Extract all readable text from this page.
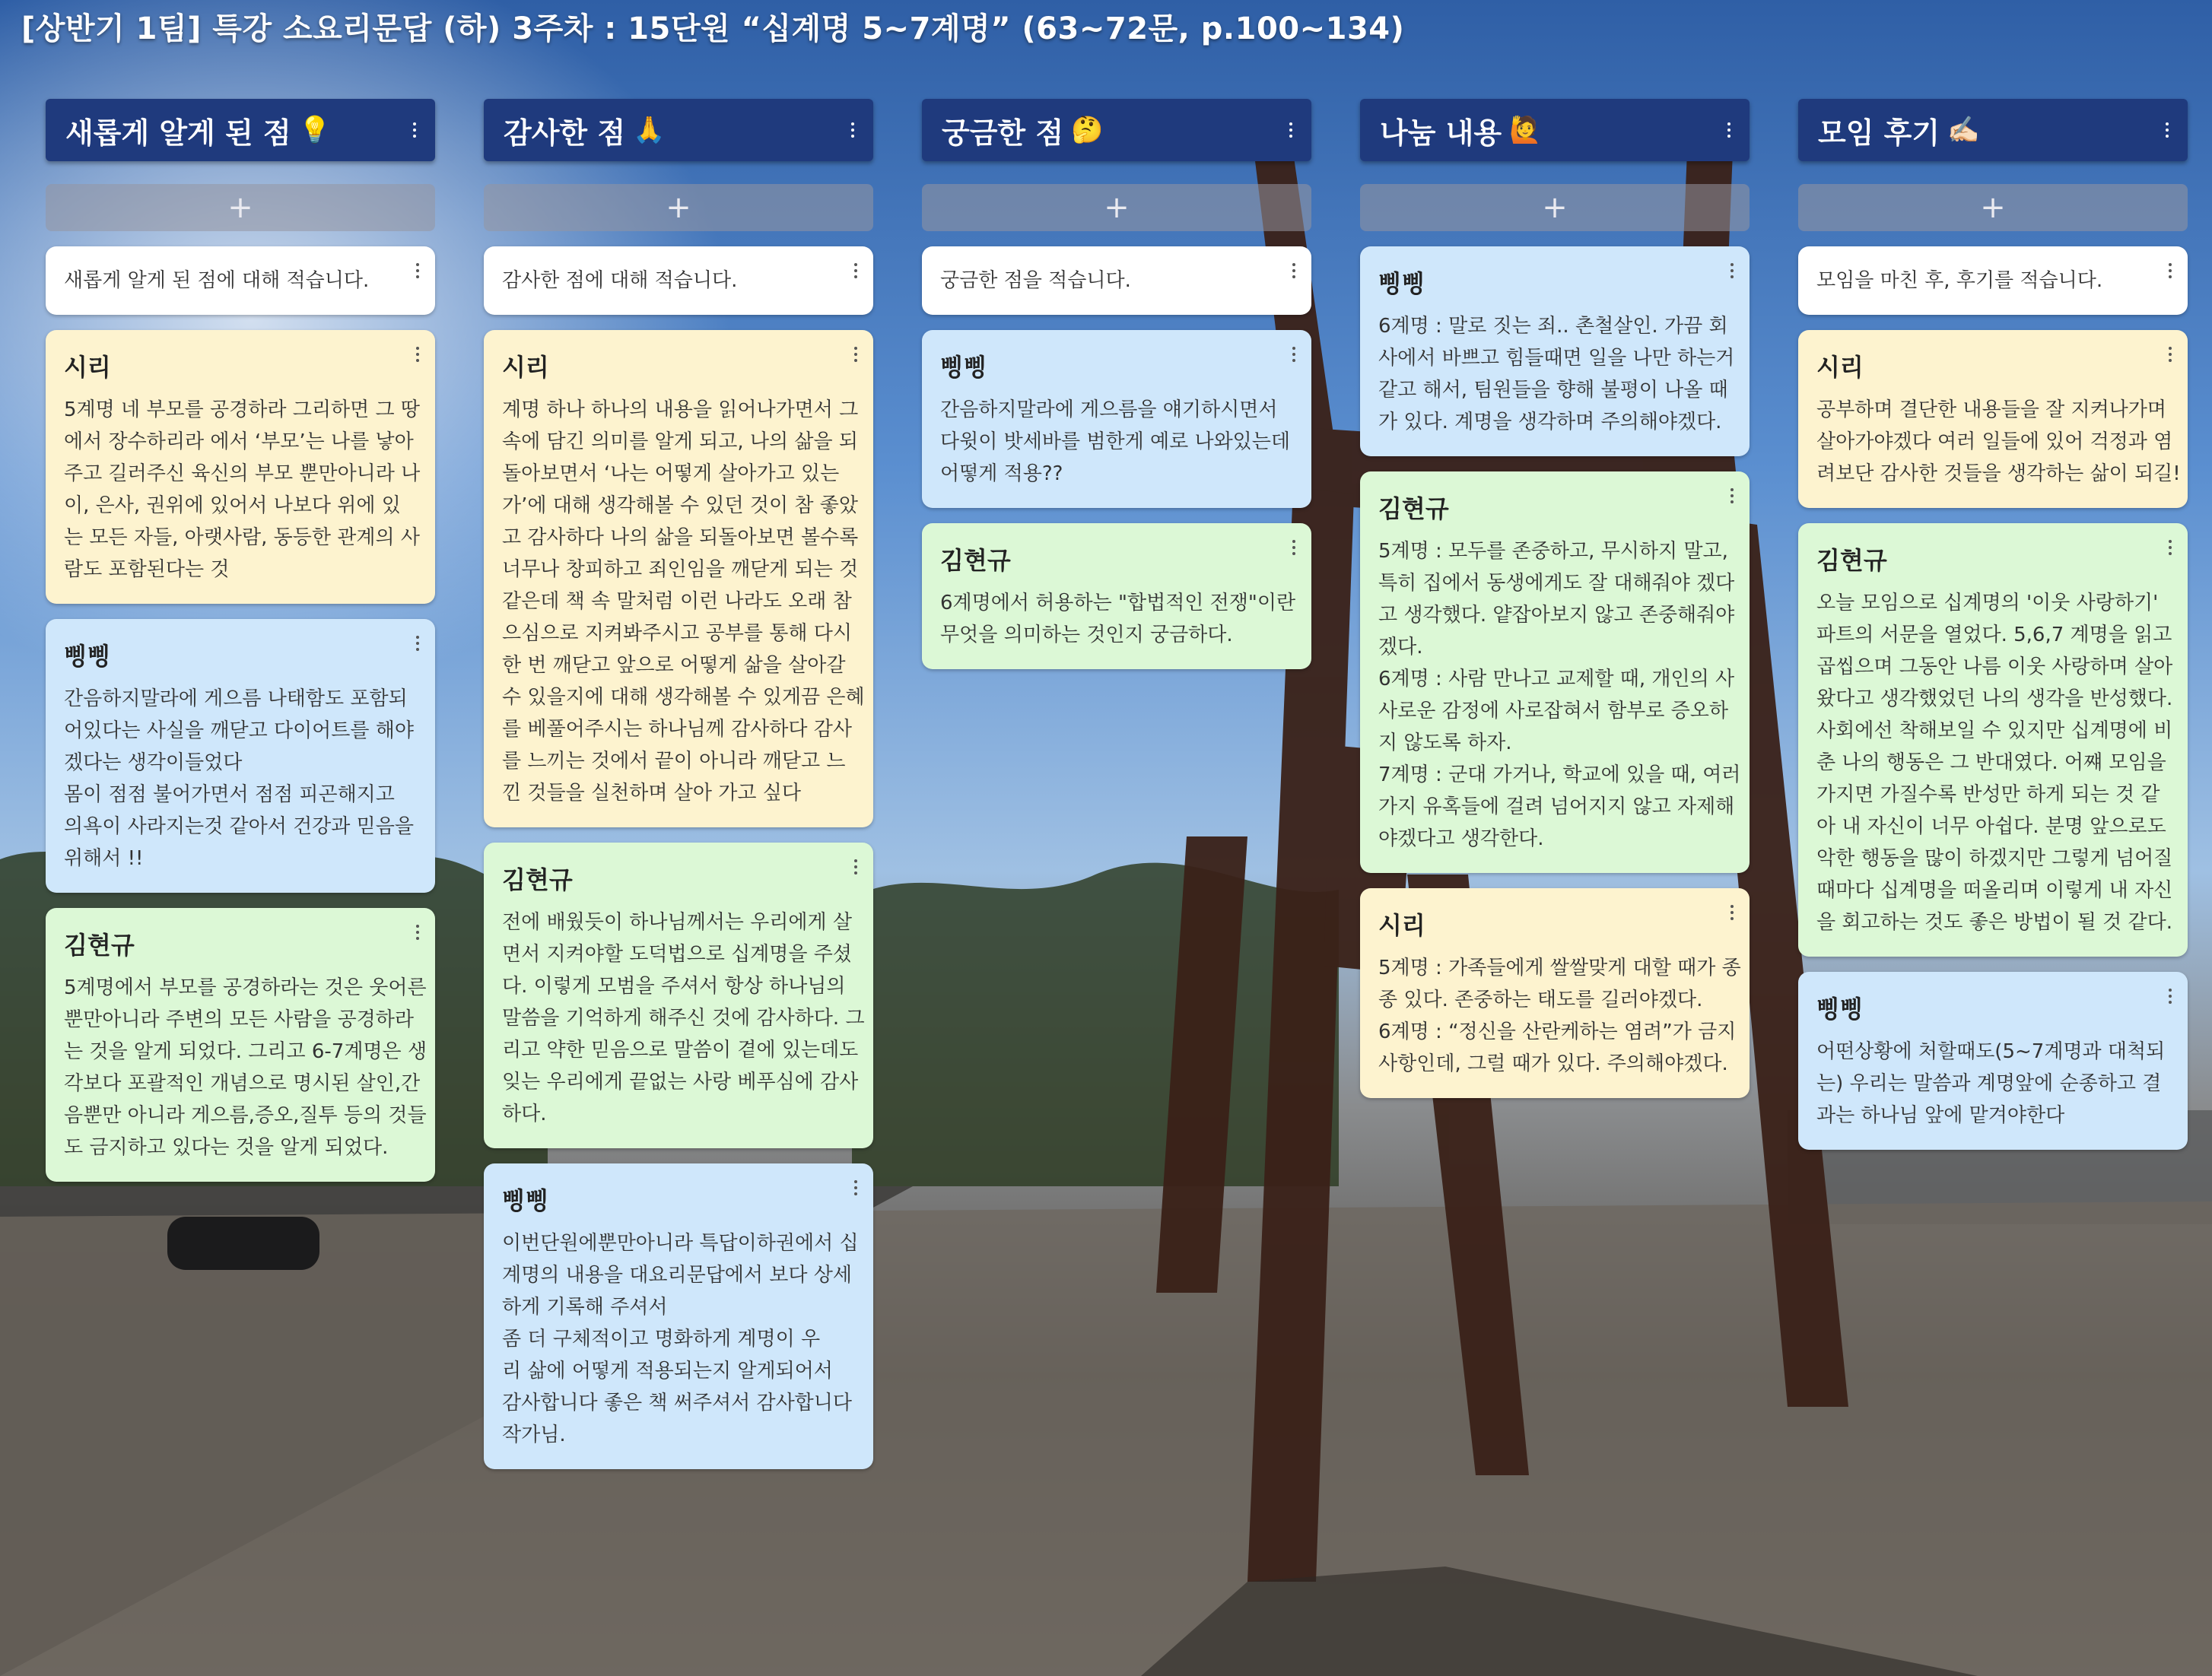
[상반기 1팀] 특강 소요리문답 (하) 3주차 : 15단원 “십계명 5~7계명” (63~72문, p.100~134)
새롭게 알게 된 점 💡
+
새롭게 알게 된 점에 대해 적습니다.
시리
5계명 네 부모를 공경하라 그리하면 그 땅
에서 장수하리라 에서 ‘부모’는 나를 낳아
주고 길러주신 육신의 부모 뿐만아니라 나
이, 은사, 권위에 있어서 나보다 위에 있
는 모든 자들, 아랫사람, 동등한 관계의 사
람도 포함된다는 것
삥삥
간음하지말라에 게으름 나태함도 포함되
어있다는 사실을 깨닫고 다이어트를 해야
겠다는 생각이들었다
몸이 점점 불어가면서 점점 피곤해지고
의욕이 사라지는것 같아서 건강과 믿음을
위해서 !!
김현규
5계명에서 부모를 공경하라는 것은 웃어른
뿐만아니라 주변의 모든 사람을 공경하라
는 것을 알게 되었다. 그리고 6-7계명은 생
각보다 포괄적인 개념으로 명시된 살인,간
음뿐만 아니라 게으름,증오,질투 등의 것들
도 금지하고 있다는 것을 알게 되었다.
감사한 점 🙏
+
감사한 점에 대해 적습니다.
시리
계명 하나 하나의 내용을 읽어나가면서 그
속에 담긴 의미를 알게 되고, 나의 삶을 되
돌아보면서 ‘나는 어떻게 살아가고 있는
가’에 대해 생각해볼 수 있던 것이 참 좋았
고 감사하다 나의 삶을 되돌아보면 볼수록
너무나 창피하고 죄인임을 깨닫게 되는 것
같은데 책 속 말처럼 이런 나라도 오래 참
으심으로 지켜봐주시고 공부를 통해 다시
한 번 깨닫고 앞으로 어떻게 삶을 살아갈
수 있을지에 대해 생각해볼 수 있게끔 은혜
를 베풀어주시는 하나님께 감사하다 감사
를 느끼는 것에서 끝이 아니라 깨닫고 느
낀 것들을 실천하며 살아 가고 싶다
김현규
전에 배웠듯이 하나님께서는 우리에게 살
면서 지켜야할 도덕법으로 십계명을 주셨
다. 이렇게 모범을 주셔서 항상 하나님의
말씀을 기억하게 해주신 것에 감사하다. 그
리고 약한 믿음으로 말씀이 곁에 있는데도
잊는 우리에게 끝없는 사랑 베푸심에 감사
하다.
삥삥
이번단원에뿐만아니라 특답이하권에서 십
계명의 내용을 대요리문답에서 보다 상세
하게 기록해 주셔서
좀 더 구체적이고 명화하게 계명이 우
리 삶에 어떻게 적용되는지 알게되어서
감사합니다 좋은 책 써주셔서 감사합니다
작가님.
궁금한 점 🤔
+
궁금한 점을 적습니다.
삥삥
간음하지말라에 게으름을 얘기하시면서
다윗이 밧세바를 범한게 예로 나와있는데
어떻게 적용??
김현규
6계명에서 허용하는 "합법적인 전쟁"이란
무엇을 의미하는 것인지 궁금하다.
나눔 내용 🙋
+
삥삥
6계명 : 말로 짓는 죄.. 촌철살인. 가끔 회
사에서 바쁘고 힘들때면 일을 나만 하는거
같고 해서, 팀원들을 향해 불평이 나올 때
가 있다. 계명을 생각하며 주의해야겠다.
김현규
5계명 : 모두를 존중하고, 무시하지 말고,
특히 집에서 동생에게도 잘 대해줘야 겠다
고 생각했다. 얕잡아보지 않고 존중해줘야
겠다.
6계명 : 사람 만나고 교제할 때, 개인의 사
사로운 감정에 사로잡혀서 함부로 증오하
지 않도록 하자.
7계명 : 군대 가거나, 학교에 있을 때, 여러
가지 유혹들에 걸려 넘어지지 않고 자제해
야겠다고 생각한다.
시리
5계명 : 가족들에게 쌀쌀맞게 대할 때가 종
종 있다. 존중하는 태도를 길러야겠다.
6계명 : “정신을 산란케하는 염려”가 금지
사항인데, 그럴 때가 있다. 주의해야겠다.
모임 후기 ✍🏻
+
모임을 마친 후, 후기를 적습니다.
시리
공부하며 결단한 내용들을 잘 지켜나가며
살아가야겠다 여러 일들에 있어 걱정과 염
려보단 감사한 것들을 생각하는 삶이 되길!
김현규
오늘 모임으로 십계명의 '이웃 사랑하기'
파트의 서문을 열었다. 5,6,7 계명을 읽고
곱씹으며 그동안 나름 이웃 사랑하며 살아
왔다고 생각했었던 나의 생각을 반성했다.
사회에선 착해보일 수 있지만 십계명에 비
춘 나의 행동은 그 반대였다. 어쨰 모임을
가지면 가질수록 반성만 하게 되는 것 같
아 내 자신이 너무 아쉽다. 분명 앞으로도
악한 행동을 많이 하겠지만 그렇게 넘어질
때마다 십계명을 떠올리며 이렇게 내 자신
을 회고하는 것도 좋은 방법이 될 것 같다.
삥삥
어떤상황에 처할때도(5~7계명과 대척되
는) 우리는 말씀과 계명앞에 순종하고 결
과는 하나님 앞에 맡겨야한다
